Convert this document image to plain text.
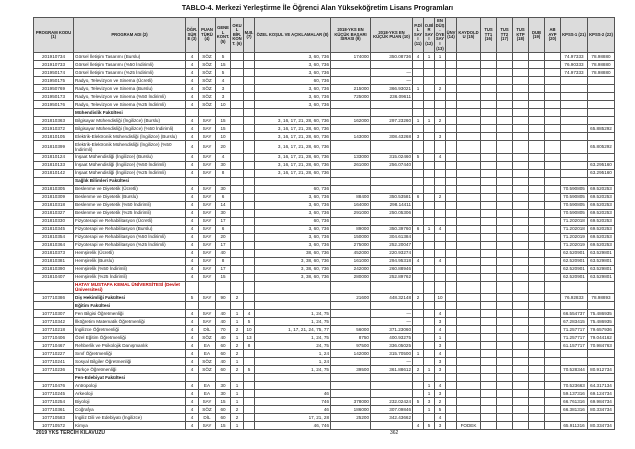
TABLO-4. Merkezi Yerleştirme İle Öğrenci Alan Yükseköğretim Lisans Programları
PROGRAM KODU (1)	PROGRAM ADI (2)	ÖĞR. SÜRE (3)	PUAN TÜRÜ (4)	GENEL KONT. (5)	OKUL BİR. KONT. (6)	M.B. (7)	ÖZEL KOŞUL VE AÇIKLAMALAR (8)	2018-YKS EN KÜÇÜK BAŞARI SIRASI (9)	2018-YKS EN KÜÇÜK PUAN (10)	P.DİL SAYI (11)	O.BİR SAYI (12)	EN DÜŞ. ÖYE SAYI (13)	ÜNV (14)	KAYDOLDU (15)	TUS TT1 (16)	TUS TT2 (17)	TUS KTP (18)	DUB (19)	AB AYP (20)	KPSS-1 (21)	KPSS-2 (22)
201910734	Görsel İletişim Tasarımı (Burslu)	4	SÖZ	5			3, 60, 736	174000	350.08736	4	1	1								74.97333	78.98880
201910733	Görsel İletişim Tasarımı (%50 İndirimli)	4	SÖZ	15			3, 60, 736													76.90333	78.98880
201950174	Görsel İletişim Tasarımı (%25 İndirimli)	4	SÖZ	5			3, 60, 736		—											74.97333	78.98880
201950175	Radyo, Televizyon ve Sinema (Ücretli)	4	SÖZ	4			60, 736		—												
201950769	Radyo, Televizyon ve Sinema (Burslu)	4	SÖZ	3			3, 60, 736	215000	366.93021	1		2									
201950173	Radyo, Televizyon ve Sinema (%50 İndirimli)	4	SÖZ	3			3, 60, 736	725000	236.09611												
201950176	Radyo, Televizyon ve Sinema (%25 İndirimli)	4	SÖZ	10			3, 60, 736														
	Mühendislik Fakültesi																				
201810363	Bilgisayar Mühendisliği (İngilizce) (Burslu)	4	SAY	15			3, 16, 17, 21, 28, 60, 736	162000	297.23260	1	1	2									
201910372	Bilgisayar Mühendisliği (İngilizce) (%50 İndirimli)	4	SAY	15			3, 16, 17, 21, 28, 60, 736														65.885292
201810105	Elektrik-Elektronik Mühendisliği (İngilizce) (Burslu)	4	SAY	10			3, 16, 17, 21, 28, 60, 736	143000	308.43268	3		3									
201810399	Elektrik-Elektronik Mühendisliği (İngilizce) (%50 İndirimli)	4	SAY	20			3, 16, 17, 21, 28, 60, 736														65.805292
201810124	İnşaat Mühendisliği (İngilizce) (Burslu)	4	SAY	4			3, 16, 17, 21, 28, 60, 736	133000	315.02460	5		4									
201810133	İnşaat Mühendisliği (İngilizce) (%50 İndirimli)	4	SAY	30			3, 16, 17, 21, 28, 60, 736	261000	256.07440												63.295160
201810142	İnşaat Mühendisliği (İngilizce) (%25 İndirimli)	4	SAY	8			3, 16, 17, 21, 28, 60, 736														63.295160
	Sağlık Bilimleri Fakültesi																				
201810305	Beslenme ve Diyetetik (Ücretli)	4	SAY	30			60, 736													70.590805	69.520253
201810309	Beslenme ve Diyetetik (Burslu)	4	SAY	6			3, 60, 736	88400	350.53581	6		2								70.590805	69.520253
201810318	Beslenme ve Diyetetik (%50 İndirimli)	4	SAY	14			3, 60, 736	164000	298.14411											70.590805	69.520253
201810327	Beslenme ve Diyetetik (%25 İndirimli)	4	SAY	30			3, 60, 736	291000	250.05306											70.590805	69.520253
201810330	Fizyoterapi ve Rehabilitasyon (Ücretli)	4	SAY	17			60, 736													71.202018	69.520253
201810345	Fizyoterapi ve Rehabilitasyon (Burslu)	4	SAY	6			3, 60, 736	89000	350.39760	6	1	4								71.202018	69.520253
201810354	Fizyoterapi ve Rehabilitasyon (%50 İndirimli)	4	SAY	20			3, 60, 736	150000	304.61384											71.202019	69.520253
201810364	Fizyoterapi ve Rehabilitasyon (%25 İndirimli)	4	SAY	17			3, 60, 736	275000	252.20047											71.202019	69.520253
201810373	Hemşirelik (Ücretli)	4	SAY	40			38, 60, 736	452000	220.93274											62.520901	63.529801
201810381	Hemşirelik (Burslu)	4	SAY	8			3, 38, 60, 736	161000	294.95318	4		4								62.520901	63.529801
201810390	Hemşirelik (%50 İndirimli)	4	SAY	17			3, 38, 60, 736	242000	260.88946											62.520901	63.529801
201810407	Hemşirelik (%25 İndirimli)	4	SAY	15			3, 38, 60, 736	280000	252.89762											62.520901	63.529801
	HATAY MUSTAFA KEMAL ÜNİVERSİTESİ (Devlet Üniversitesi)																				
107710386	Diş Hekimliği Fakültesi	5	SAY	90	2			21600	448.32148	2		10								76.92833	78.98893
	Eğitim Fakültesi																				
107710307	Fen Bilgisi Öğretmenliği	4	SAY	40	1	4	1, 24, 75		—			4								66.554737	75.486935
107710342	İlköğretim Matematik Öğretmenliği	4	SAY	40	1	5	1, 24, 75		—			3								67.283415	75.486935
107710218	İngilizce Öğretmenliği	4	DİL	70	2	10	1, 17, 21, 24, 75, 77	56000	371.23060			4								71.257717	79.657936
107710406	Özel Eğitim Öğretmenliği	4	SÖZ	40	1	13	1, 24, 75	8750	400.93275			1								71.257717	79.044162
107710467	Rehberlik ve Psikolojik Danışmanlık	4	EA	60	2	8	24, 75	97500	336.05025			3								61.157717	70.984763
107710227	Sınıf Öğretmenliği	4	EA	60	2		1, 24	142000	315.70500	1		4									
107710241	Sosyal Bilgiler Öğretmenliği	4	SÖZ	40	1		1, 24		—			3									
107710236	Türkçe Öğretmenliği	4	SÖZ	60	2	5	1, 24, 75	39500	361.88612	2	1	3								70.528344	80.912734
	Fen-Edebiyat Fakültesi																				
107710476	Antropoloji	4	EA	30	1						1	4								70.523663	64.317134
107710245	Arkeoloji	4	EA	30	1		46				1	3								59.137316	69.124734
107710254	Biyoloji	4	SAY	15	1		746	378000	232.02424	5	3	2								66.761316	69.984734
107710361	Coğrafya	4	SÖZ	60	2		46	186000	307.09846		1	5								66.381316	80.334734
107710583	İngiliz Dili ve Edebiyatı (İngilizce)	4	DİL	60	2		17, 21, 28	25200	342.43662			4									
107710572	Kimya	4	SAY	15	1		46, 746			4	5	3		FODEK						65.911316	80.334734
2019 YKS TERCİH KILAVUZU	362
